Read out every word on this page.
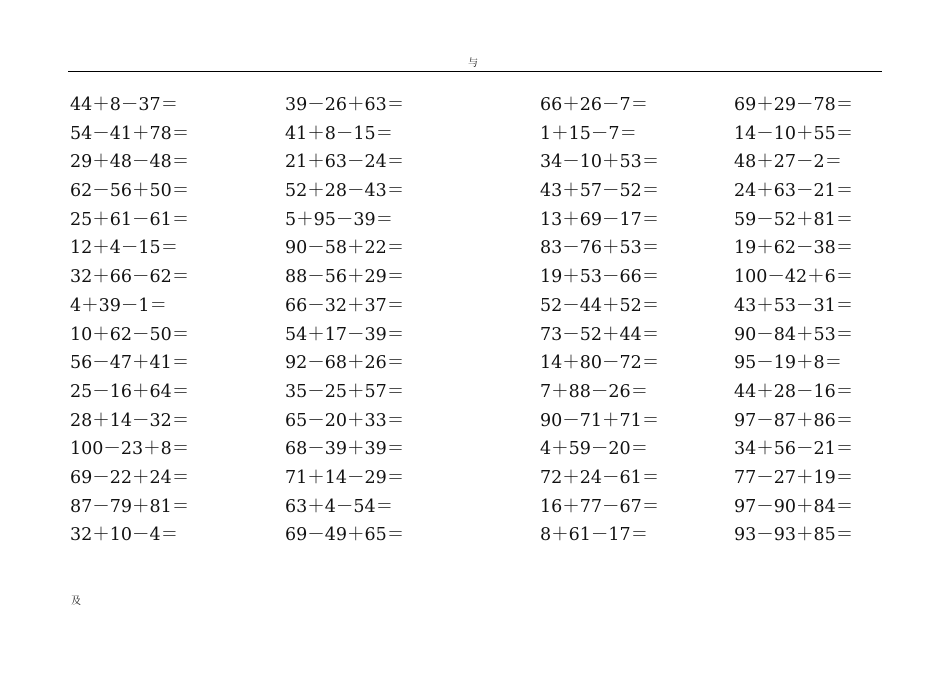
与
44＋8－37＝
54－41＋78＝
29＋48－48＝
62－56＋50＝
25＋61－61＝
12＋4－15＝
32＋66－62＝
4＋39－1＝
10＋62－50＝
56－47＋41＝
25－16＋64＝
28＋14－32＝
100－23＋8＝
69－22＋24＝
87－79＋81＝
32＋10－4＝
39－26＋63＝
41＋8－15＝
21＋63－24＝
52＋28－43＝
5＋95－39＝
90－58＋22＝
88－56＋29＝
66－32＋37＝
54＋17－39＝
92－68＋26＝
35－25＋57＝
65－20＋33＝
68－39＋39＝
71＋14－29＝
63＋4－54＝
69－49＋65＝
66＋26－7＝
1＋15－7＝
34－10＋53＝
43＋57－52＝
13＋69－17＝
83－76＋53＝
19＋53－66＝
52－44＋52＝
73－52＋44＝
14＋80－72＝
7＋88－26＝
90－71＋71＝
4＋59－20＝
72＋24－61＝
16＋77－67＝
8＋61－17＝
69＋29－78＝
14－10＋55＝
48＋27－2＝
24＋63－21＝
59－52＋81＝
19＋62－38＝
100－42＋6＝
43＋53－31＝
90－84＋53＝
95－19＋8＝
44＋28－16＝
97－87＋86＝
34＋56－21＝
77－27＋19＝
97－90＋84＝
93－93＋85＝
及
